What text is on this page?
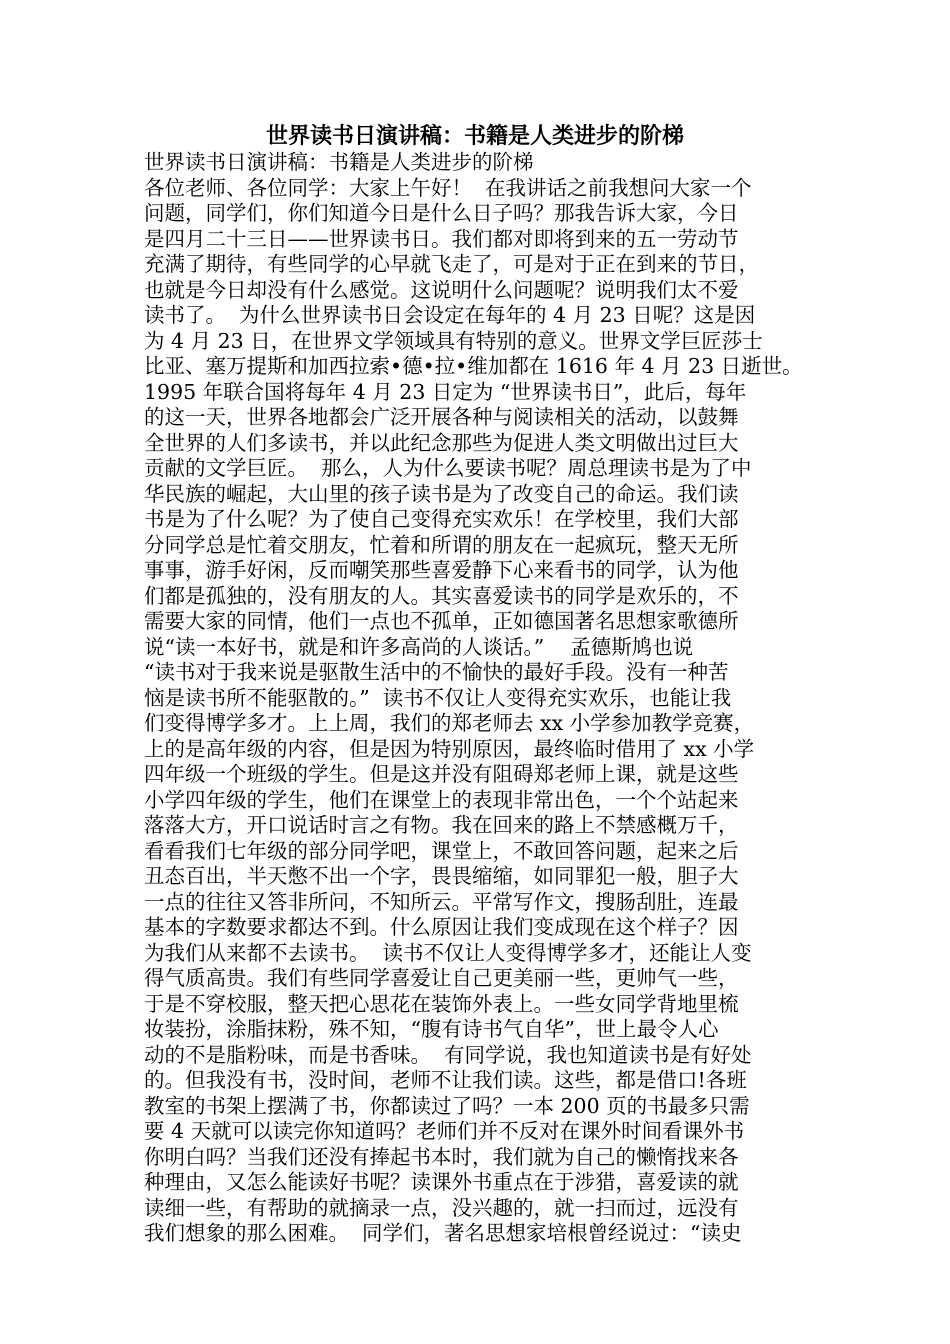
世界读书日演讲稿：书籍是人类进步的阶梯
世界读书日演讲稿：书籍是人类进步的阶梯
各位老师、各位同学：大家上午好！  在我讲话之前我想问大家一个
问题，同学们，你们知道今日是什么日子吗？那我告诉大家，今日
是四月二十三日——世界读书日。我们都对即将到来的五一劳动节
充满了期待，有些同学的心早就飞走了，可是对于正在到来的节日，
也就是今日却没有什么感觉。这说明什么问题呢？说明我们太不爱
读书了。  为什么世界读书日会设定在每年的 4 月 23 日呢？这是因
为 4 月 23 日，在世界文学领域具有特别的意义。世界文学巨匠莎士
比亚、塞万提斯和加西拉索•德•拉•维加都在 1616 年 4 月 23 日逝世。
1995 年联合国将每年 4 月 23 日定为 “世界读书日”，此后，每年
的这一天，世界各地都会广泛开展各种与阅读相关的活动，以鼓舞
全世界的人们多读书，并以此纪念那些为促进人类文明做出过巨大
贡献的文学巨匠。  那么，人为什么要读书呢？周总理读书是为了中
华民族的崛起，大山里的孩子读书是为了改变自己的命运。我们读
书是为了什么呢？为了使自己变得充实欢乐！在学校里，我们大部
分同学总是忙着交朋友，忙着和所谓的朋友在一起疯玩，整天无所
事事，游手好闲，反而嘲笑那些喜爱静下心来看书的同学，认为他
们都是孤独的，没有朋友的人。其实喜爱读书的同学是欢乐的，不
需要大家的同情，他们一点也不孤单，正如德国著名思想家歌德所
说“读一本好书，就是和许多高尚的人谈话。”    孟德斯鸠也说
“读书对于我来说是驱散生活中的不愉快的最好手段。没有一种苦
恼是读书所不能驱散的。”  读书不仅让人变得充实欢乐，也能让我
们变得博学多才。上上周，我们的郑老师去 xx 小学参加教学竞赛，
上的是高年级的内容，但是因为特别原因，最终临时借用了 xx 小学
四年级一个班级的学生。但是这并没有阻碍郑老师上课，就是这些
小学四年级的学生，他们在课堂上的表现非常出色，一个个站起来
落落大方，开口说话时言之有物。我在回来的路上不禁感概万千，
看看我们七年级的部分同学吧，课堂上，不敢回答问题，起来之后
丑态百出，半天憋不出一个字，畏畏缩缩，如同罪犯一般，胆子大
一点的往往又答非所问，不知所云。平常写作文，搜肠刮肚，连最
基本的字数要求都达不到。什么原因让我们变成现在这个样子？因
为我们从来都不去读书。  读书不仅让人变得博学多才，还能让人变
得气质高贵。我们有些同学喜爱让自己更美丽一些，更帅气一些，
于是不穿校服，整天把心思花在装饰外表上。一些女同学背地里梳
妆装扮，涂脂抹粉，殊不知，“腹有诗书气自华”，世上最令人心
动的不是脂粉味，而是书香味。  有同学说，我也知道读书是有好处
的。但我没有书，没时间，老师不让我们读。这些，都是借口!各班
教室的书架上摆满了书，你都读过了吗？一本 200 页的书最多只需
要 4 天就可以读完你知道吗？老师们并不反对在课外时间看课外书
你明白吗？当我们还没有捧起书本时，我们就为自己的懒惰找来各
种理由，又怎么能读好书呢？读课外书重点在于涉猎，喜爱读的就
读细一些，有帮助的就摘录一点，没兴趣的，就一扫而过，远没有
我们想象的那么困难。  同学们，著名思想家培根曾经说过：“读史
